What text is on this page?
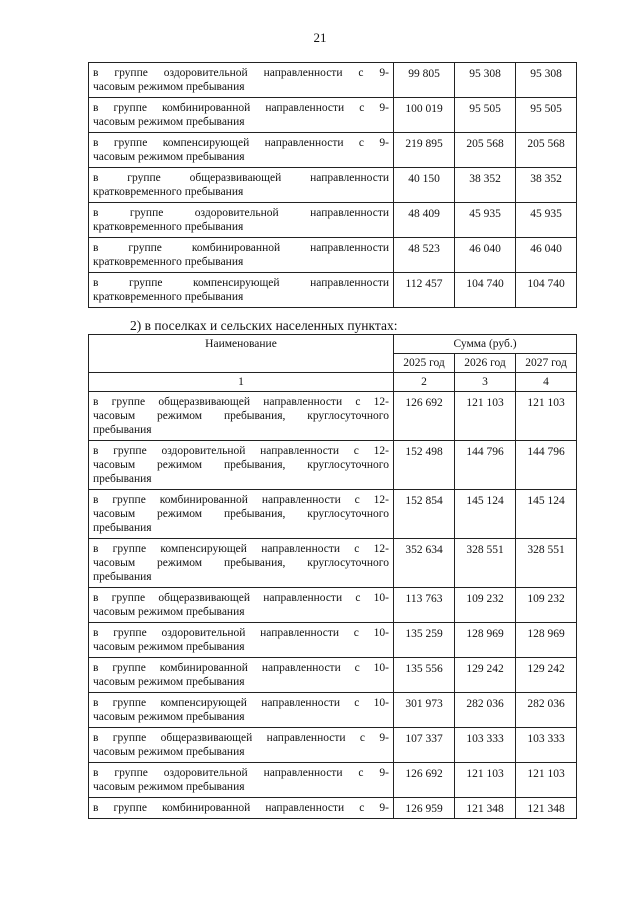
21
в группе оздоровительной направленности с 9-
часовым режимом пребывания	99 805	95 308	95 308

в группе комбинированной направленности с 9-
часовым режимом пребывания	100 019	95 505	95 505

в группе компенсирующей направленности с 9-
часовым режимом пребывания	219 895	205 568	205 568

в группе общеразвивающей направленности
кратковременного пребывания	40 150	38 352	38 352

в группе оздоровительной направленности
кратковременного пребывания	48 409	45 935	45 935

в группе комбинированной направленности
кратковременного пребывания	48 523	46 040	46 040

в группе компенсирующей направленности
кратковременного пребывания	112 457	104 740	104 740
2) в поселках и сельских населенных пунктах:
Наименование	Сумма (руб.)		
	2025 год	2026 год	2027 год
1	2	3	4

в группе общеразвивающей направленности с 12-
часовым режимом пребывания, круглосуточного
пребывания	126 692	121 103	121 103

в группе оздоровительной направленности с 12-
часовым режимом пребывания, круглосуточного
пребывания	152 498	144 796	144 796

в группе комбинированной направленности с 12-
часовым режимом пребывания, круглосуточного
пребывания	152 854	145 124	145 124

в группе компенсирующей направленности с 12-
часовым режимом пребывания, круглосуточного
пребывания	352 634	328 551	328 551

в группе общеразвивающей направленности с 10-
часовым режимом пребывания	113 763	109 232	109 232

в группе оздоровительной направленности с 10-
часовым режимом пребывания	135 259	128 969	128 969

в группе комбинированной направленности с 10-
часовым режимом пребывания	135 556	129 242	129 242

в группе компенсирующей направленности с 10-
часовым режимом пребывания	301 973	282 036	282 036

в группе общеразвивающей направленности с 9-
часовым режимом пребывания	107 337	103 333	103 333

в группе оздоровительной направленности с 9-
часовым режимом пребывания	126 692	121 103	121 103

в группе комбинированной направленности с 9-	126 959	121 348	121 348
